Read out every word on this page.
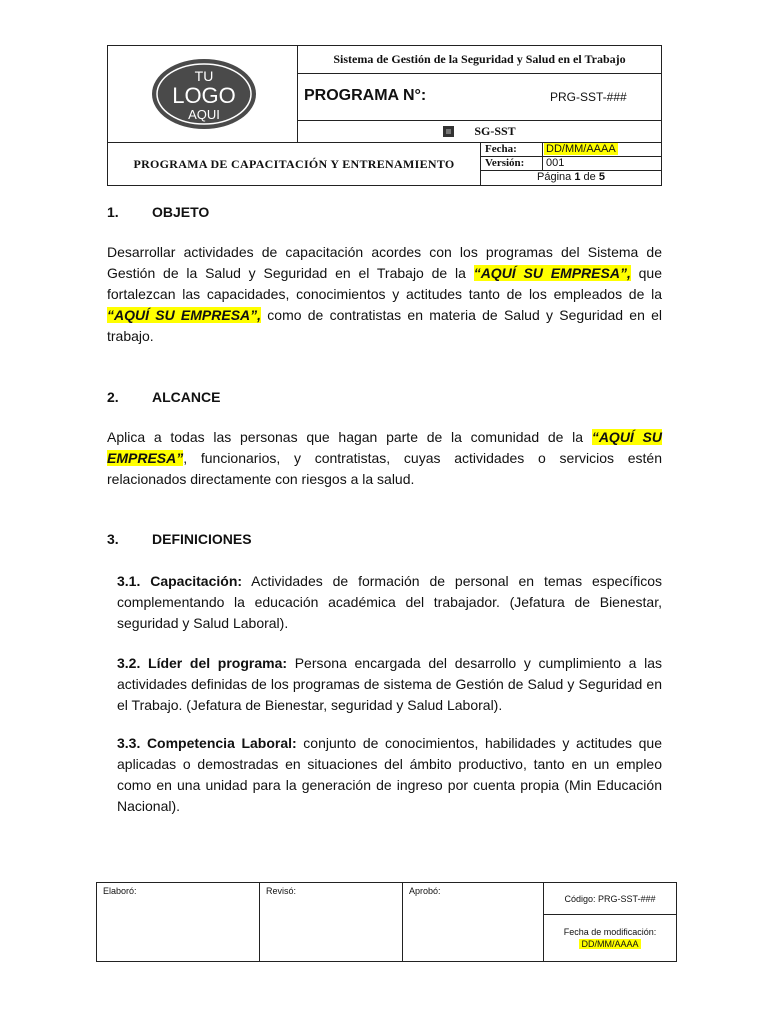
TU
LOGO
AQUI
Sistema de Gestión de la Seguridad y Salud en el Trabajo
PROGRAMA N°:	PRG-SST-###
SG-SST
PROGRAMA DE CAPACITACIÓN Y ENTRENAMIENTO
Fecha:	DD/MM/AAAA
Versión: 001
Página 1 de 5
1. OBJETO
Desarrollar actividades de capacitación acordes con los programas del Sistema de Gestión de la Salud y Seguridad en el Trabajo de la “AQUÍ SU EMPRESA”, que fortalezcan las capacidades, conocimientos y actitudes tanto de los empleados de la “AQUÍ SU EMPRESA”, como de contratistas en materia de Salud y Seguridad en el trabajo.
2. ALCANCE
Aplica a todas las personas que hagan parte de la comunidad de la “AQUÍ SU EMPRESA”, funcionarios, y contratistas, cuyas actividades o servicios estén relacionados directamente con riesgos a la salud.
3. DEFINICIONES
3.1. Capacitación: Actividades de formación de personal en temas específicos complementando la educación académica del trabajador. (Jefatura de Bienestar, seguridad y Salud Laboral).
3.2. Líder del programa: Persona encargada del desarrollo y cumplimiento a las actividades definidas de los programas de sistema de Gestión de Salud y Seguridad en el Trabajo. (Jefatura de Bienestar, seguridad y Salud Laboral).
3.3. Competencia Laboral: conjunto de conocimientos, habilidades y actitudes que aplicadas o demostradas en situaciones del ámbito productivo, tanto en un empleo como en una unidad para la generación de ingreso por cuenta propia (Min Educación Nacional).
Elaboró:	Revisó:	Aprobó:
Código: PRG-SST-###
Fecha de modificación:
DD/MM/AAAA
